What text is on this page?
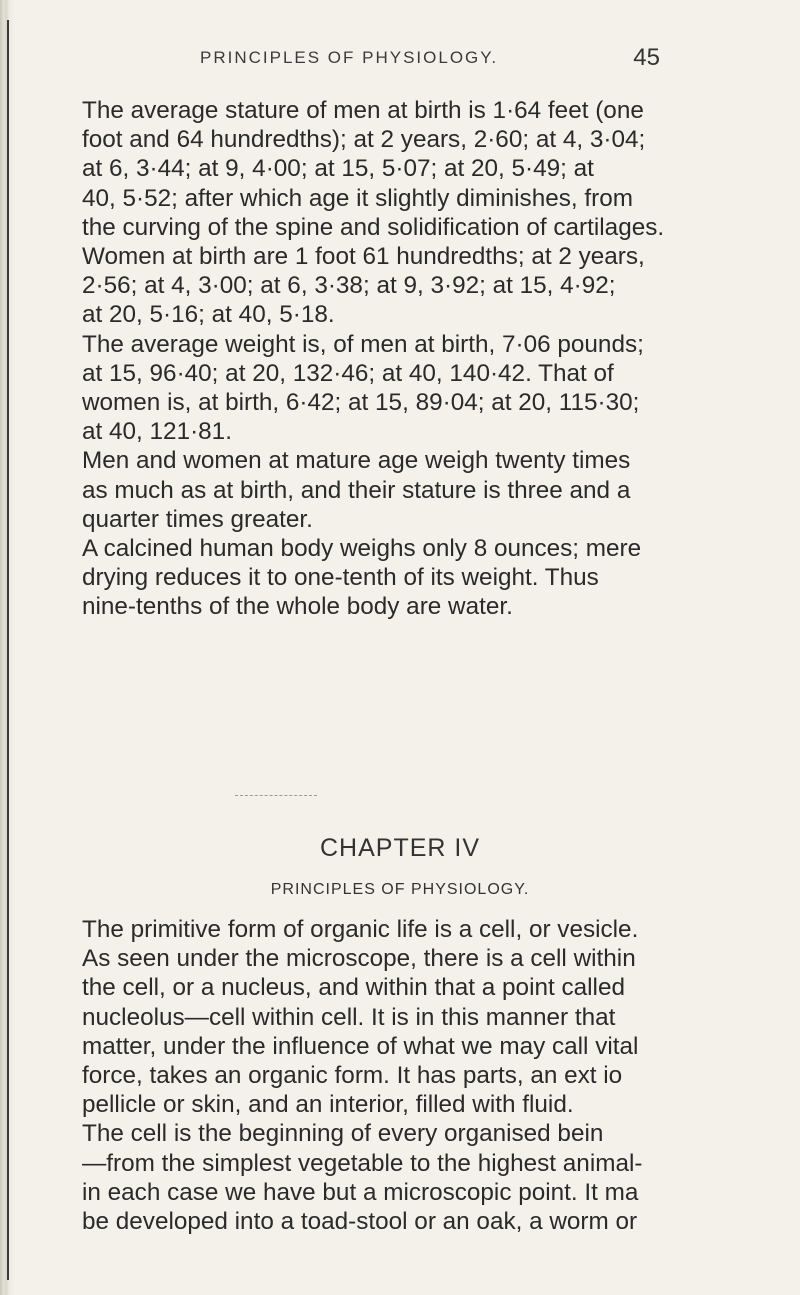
PRINCIPLES OF PHYSIOLOGY.	45
The average stature of men at birth is 1·64 feet (one
foot and 64 hundredths); at 2 years, 2·60; at 4, 3·04;
at 6, 3·44; at 9, 4·00; at 15, 5·07; at 20, 5·49; at
40, 5·52; after which age it slightly diminishes, from
the curving of the spine and solidification of cartilages.
Women at birth are 1 foot 61 hundredths; at 2 years,
2·56; at 4, 3·00; at 6, 3·38; at 9, 3·92; at 15, 4·92;
at 20, 5·16; at 40, 5·18.
The average weight is, of men at birth, 7·06 pounds;
at 15, 96·40; at 20, 132·46; at 40, 140·42. That of
women is, at birth, 6·42; at 15, 89·04; at 20, 115·30;
at 40, 121·81.
Men and women at mature age weigh twenty times
as much as at birth, and their stature is three and a
quarter times greater.
A calcined human body weighs only 8 ounces; mere
drying reduces it to one-tenth of its weight. Thus
nine-tenths of the whole body are water.
CHAPTER IV
PRINCIPLES OF PHYSIOLOGY.
The primitive form of organic life is a cell, or vesicle.
As seen under the microscope, there is a cell within
the cell, or a nucleus, and within that a point called
nucleolus—cell within cell. It is in this manner that
matter, under the influence of what we may call vital
force, takes an organic form. It has parts, an ext io
pellicle or skin, and an interior, filled with fluid.
The cell is the beginning of every organised bein
—from the simplest vegetable to the highest animal-
in each case we have but a microscopic point. It ma
be developed into a toad-stool or an oak, a worm or
